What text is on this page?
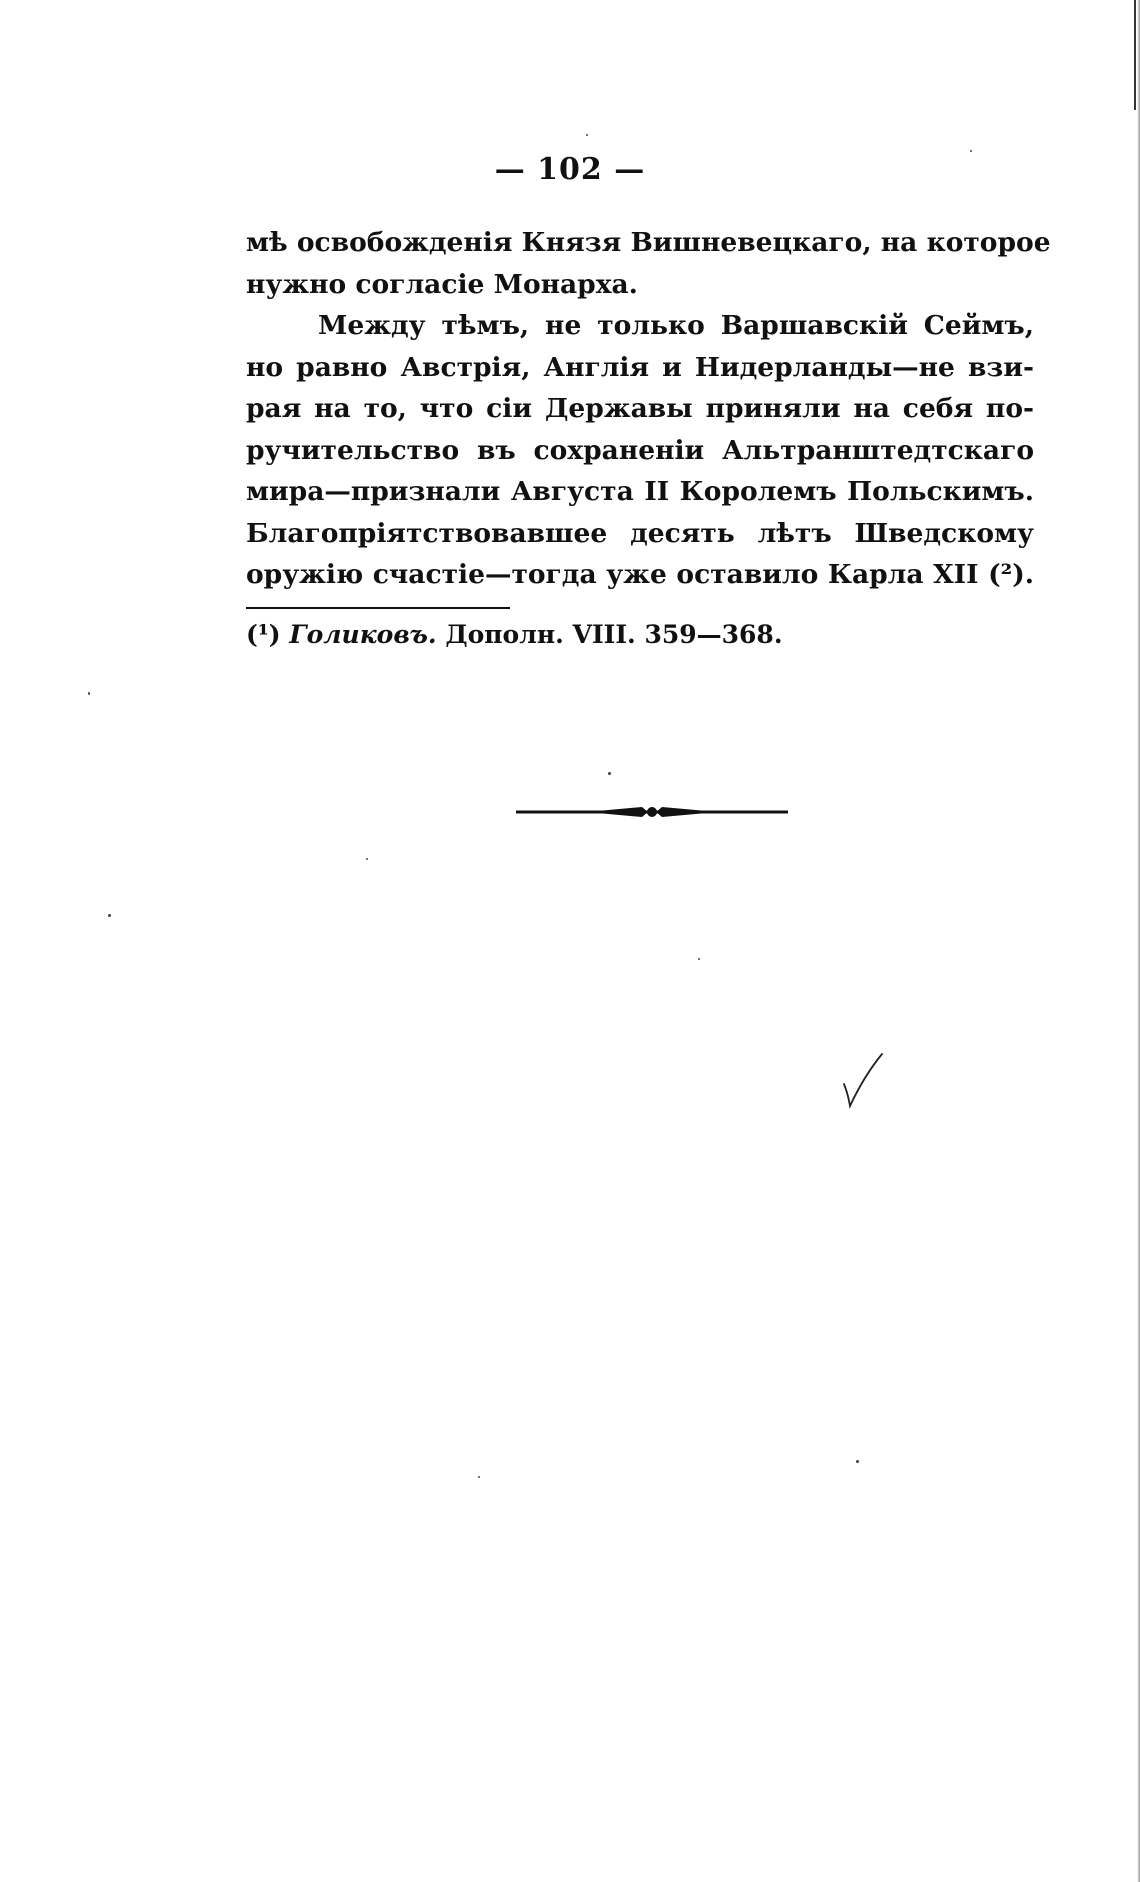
— 102 —
мѣ освобожденія Князя Вишневецкаго, на которое
нужно согласіе Монарха.
Между тѣмъ, не только Варшавскій Сеймъ,
но равно Австрія, Англія и Нидерланды—не взи-
рая на то, что сіи Державы приняли на себя по-
ручительство въ сохраненіи Альтранштедтскаго
мира—признали Августа II Королемъ Польскимъ.
Благопріятствовавшее десять лѣтъ Шведскому
оружію счастіе—тогда уже оставило Карла XII (²).
(¹) Голиковъ. Дополн. VIII. 359—368.
